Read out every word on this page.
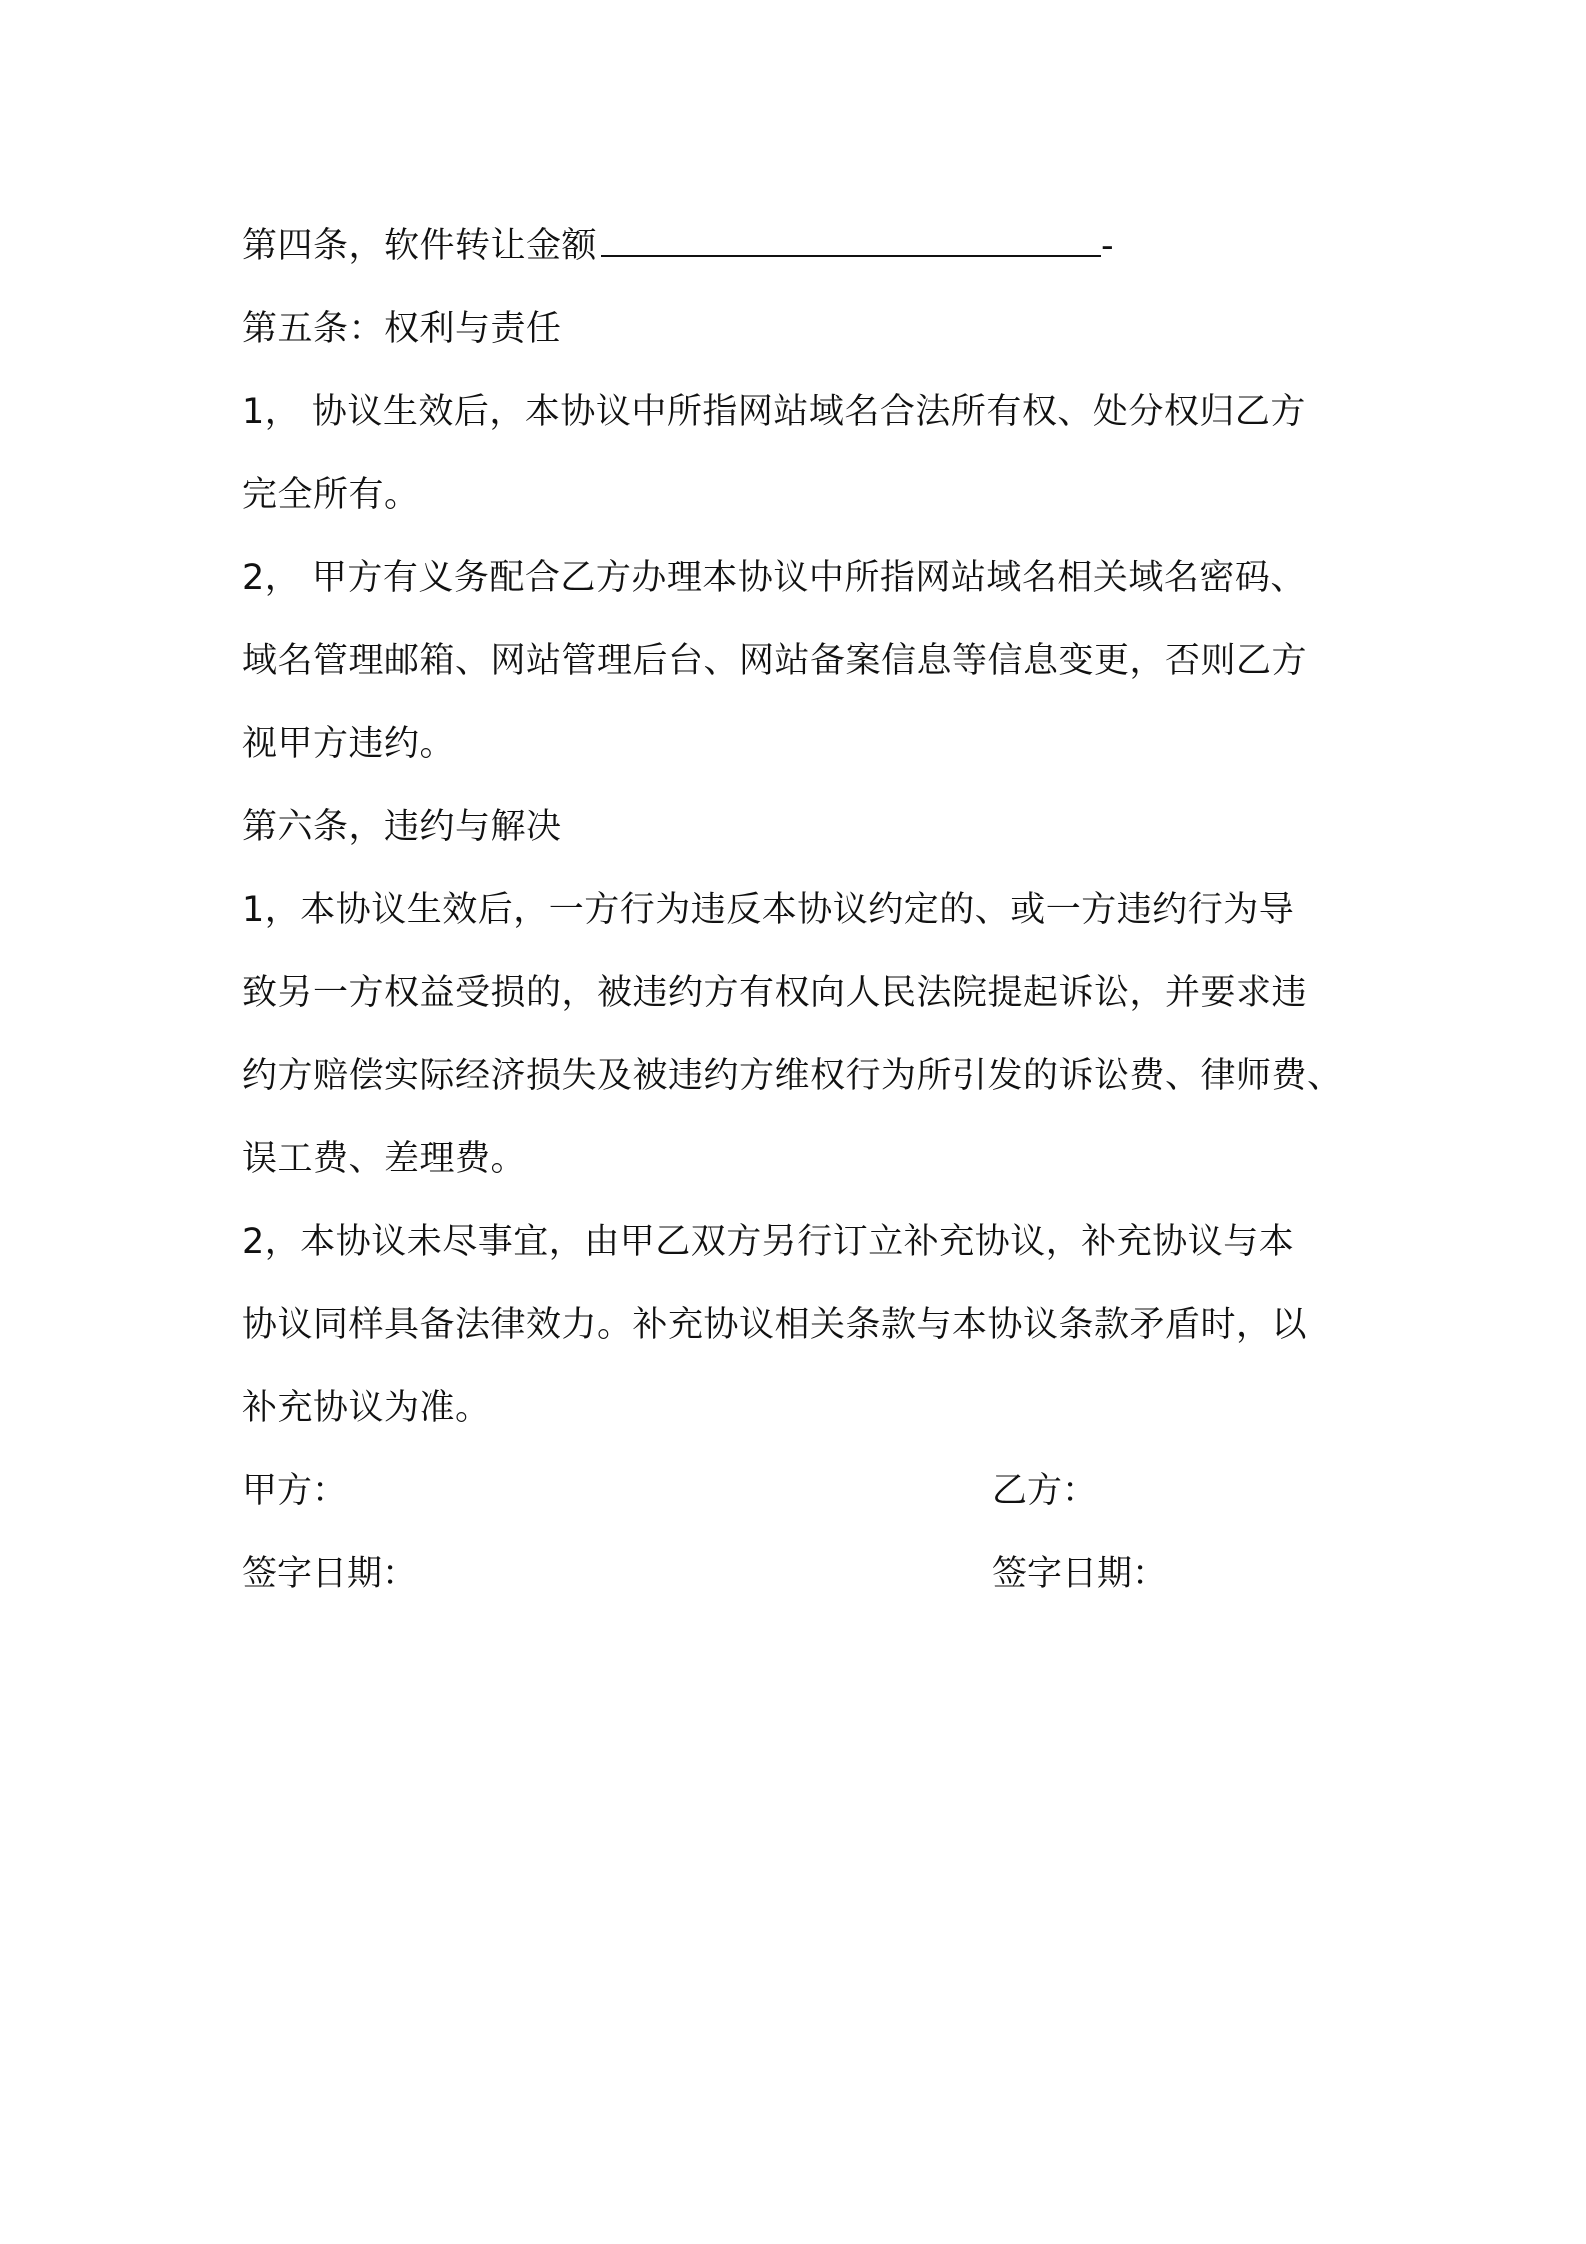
第四条，软件转让金额	-
第五条：权利与责任
1， 协议生效后，本协议中所指网站域名合法所有权、处分权归乙方
完全所有。
2， 甲方有义务配合乙方办理本协议中所指网站域名相关域名密码、
域名管理邮箱、网站管理后台、网站备案信息等信息变更，否则乙方
视甲方违约。
第六条，违约与解决
1，本协议生效后，一方行为违反本协议约定的、或一方违约行为导
致另一方权益受损的，被违约方有权向人民法院提起诉讼，并要求违
约方赔偿实际经济损失及被违约方维权行为所引发的诉讼费、律师费、
误工费、差理费。
2，本协议未尽事宜，由甲乙双方另行订立补充协议，补充协议与本
协议同样具备法律效力。补充协议相关条款与本协议条款矛盾时，以
补充协议为准。
甲方：	乙方：
签字日期：	签字日期：
